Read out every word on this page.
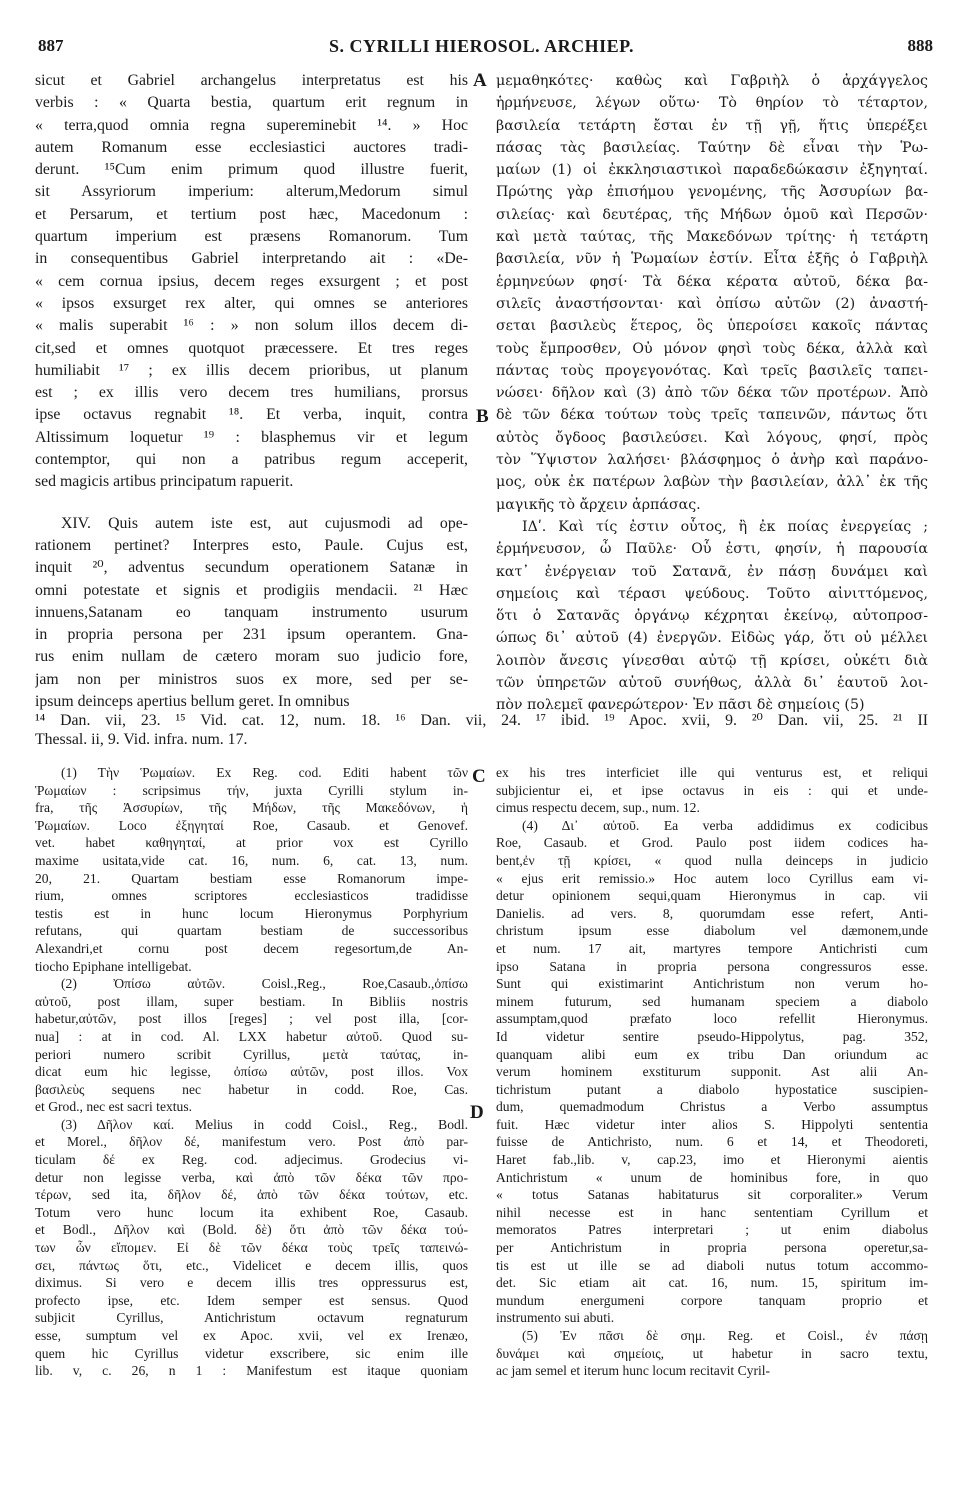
887	S. CYRILLI HIEROSOL. ARCHIEP.	888
sicut et Gabriel archangelus interpretatus est his
verbis : « Quarta bestia, quartum erit regnum in
« terra,quod omnia regna supereminebit ¹⁴. » Hoc
autem Romanum esse ecclesiastici auctores tradi-
derunt. ¹⁵Cum enim primum quod illustre fuerit,
sit Assyriorum imperium: alterum,Medorum simul
et Persarum, et tertium post hæc, Macedonum :
quartum imperium est præsens Romanorum. Tum
in consequentibus Gabriel interpretando ait : «De-
« cem cornua ipsius, decem reges exsurgent ; et post
« ipsos exsurget rex alter, qui omnes se anteriores
« malis superabit ¹⁶ : » non solum illos decem di-
cit,sed et omnes quotquot præcessere. Et tres reges
humiliabit ¹⁷ ; ex illis decem prioribus, ut planum
est ; ex illis vero decem tres humilians, prorsus
ipse octavus regnabit ¹⁸. Et verba, inquit, contra
Altissimum loquetur ¹⁹ : blasphemus vir et legum
contemptor, qui non a patribus regum acceperit,
sed magicis artibus principatum rapuerit.
XIV. Quis autem iste est, aut cujusmodi ad ope-
rationem pertinet? Interpres esto, Paule. Cujus est,
inquit ²⁰, adventus secundum operationem Satanæ in
omni potestate et signis et prodigiis mendacii. ²¹ Hæc
innuens,Satanam eo tanquam instrumento usurum
in propria persona per 231 ipsum operantem. Gna-
rus enim nullam de cætero moram suo judicio fore,
jam non per ministros suos ex more, sed per se-
ipsum deinceps apertius bellum geret. In omnibus
μεμαθηκότες· καθὼς καὶ Γαβριὴλ ὁ ἀρχάγγελος
ἡρμήνευσε, λέγων οὕτω· Τὸ θηρίον τὸ τέταρτον,
βασιλεία τετάρτη ἔσται ἐν τῇ γῇ, ἥτις ὑπερέξει
πάσας τὰς βασιλείας. Ταύτην δὲ εἶναι τὴν Ῥω-
μαίων (1) οἱ ἐκκλησιαστικοὶ παραδεδώκασιν ἐξηγηταί.
Πρώτης γὰρ ἐπισήμου γενομένης, τῆς Ἀσσυρίων βα-
σιλείας· καὶ δευτέρας, τῆς Μήδων ὁμοῦ καὶ Περσῶν·
καὶ μετὰ ταύτας, τῆς Μακεδόνων τρίτης· ἡ τετάρτη
βασιλεία, νῦν ἡ Ῥωμαίων ἐστίν. Εἶτα ἑξῆς ὁ Γαβριὴλ
ἑρμηνεύων φησί· Τὰ δέκα κέρατα αὐτοῦ, δέκα βα-
σιλεῖς ἀναστήσονται· καὶ ὀπίσω αὐτῶν (2) ἀναστή-
σεται βασιλεὺς ἕτερος, ὃς ὑπεροίσει κακοῖς πάντας
τοὺς ἔμπροσθεν, Οὐ μόνον φησὶ τοὺς δέκα, ἀλλὰ καὶ
πάντας τοὺς προγεγονότας. Καὶ τρεῖς βασιλεῖς ταπει-
νώσει· δῆλον καὶ (3) ἀπὸ τῶν δέκα τῶν προτέρων. Ἀπὸ
δὲ τῶν δέκα τούτων τοὺς τρεῖς ταπεινῶν, πάντως ὅτι
αὐτὸς ὄγδοος βασιλεύσει. Καὶ λόγους, φησί, πρὸς
τὸν Ὕψιστον λαλήσει· βλάσφημος ὁ ἀνὴρ καὶ παράνο-
μος, οὐκ ἐκ πατέρων λαβὼν τὴν βασιλείαν, ἀλλ᾽ ἐκ τῆς
μαγικῆς τὸ ἄρχειν ἁρπάσας.
ΙΔʹ. Καὶ τίς ἐστιν οὗτος, ἢ ἐκ ποίας ἐνεργείας ;
ἑρμήνευσον, ὦ Παῦλε· Οὗ ἐστι, φησίν, ἡ παρουσία
κατ᾽ ἐνέργειαν τοῦ Σατανᾶ, ἐν πάσῃ δυνάμει καὶ
σημείοις καὶ τέρασι ψεύδους. Τοῦτο αἰνιττόμενος,
ὅτι ὁ Σατανᾶς ὀργάνῳ κέχρηται ἐκείνῳ, αὐτοπροσ-
ώπως δι᾽ αὐτοῦ (4) ἐνεργῶν. Εἰδὼς γάρ, ὅτι οὐ μέλλει
λοιπὸν ἄνεσις γίνεσθαι αὐτῷ τῇ κρίσει, οὐκέτι διὰ
τῶν ὑπηρετῶν αὐτοῦ συνήθως, ἀλλὰ δι᾽ ἑαυτοῦ λοι-
πὸν πολεμεῖ φανερώτερον· Ἐν πᾶσι δὲ σημείοις (5)
A
B
C
D
¹⁴ Dan. vii, 23. ¹⁵ Vid. cat. 12, num. 18. ¹⁶ Dan. vii, 24. ¹⁷ ibid. ¹⁹ Apoc. xvii, 9. ²⁰ Dan. vii, 25. ²¹ II
Thessal. ii, 9. Vid. infra. num. 17.
(1) Τὴν Ῥωμαίων. Ex Reg. cod. Editi habent τῶν
Ῥωμαίων : scripsimus τήν, juxta Cyrilli stylum in-
fra, τῆς Ἀσσυρίων, τῆς Μήδων, τῆς Μακεδόνων, ἡ
Ῥωμαίων. Loco ἐξηγηταί Roe, Casaub. et Genovef.
vet. habet καθηγηταί, at prior vox est Cyrillo
maxime usitata,vide cat. 16, num. 6, cat. 13, num.
20, 21. Quartam bestiam esse Romanorum impe-
rium, omnes scriptores ecclesiasticos tradidisse
testis est in hunc locum Hieronymus Porphyrium
refutans, qui quartam bestiam de successoribus
Alexandri,et cornu post decem regesortum,de An-
tiocho Epiphane intelligebat.
(2) Ὀπίσω αὐτῶν. Coisl.,Reg., Roe,Casaub.,ὀπίσω
αὐτοῦ, post illam, super bestiam. In Bibliis nostris
habetur,αὐτῶν, post illos [reges] ; vel post illa, [cor-
nua] : at in cod. Al. LXX habetur αὐτοῦ. Quod su-
periori numero scribit Cyrillus, μετὰ ταύτας, in-
dicat eum hic legisse, ὀπίσω αὐτῶν, post illos. Vox
βασιλεὺς sequens nec habetur in codd. Roe, Cas.
et Grod., nec est sacri textus.
(3) Δῆλον καί. Melius in codd Coisl., Reg., Bodl.
et Morel., δῆλον δέ, manifestum vero. Post ἀπὸ par-
ticulam δέ ex Reg. cod. adjecimus. Grodecius vi-
detur non legisse verba, καὶ ἀπὸ τῶν δέκα τῶν προ-
τέρων, sed ita, δῆλον δέ, ἀπὸ τῶν δέκα τούτων, etc.
Totum vero hunc locum ita exhibent Roe, Casaub.
et Bodl., Δῆλον καὶ (Bold. δὲ) ὅτι ἀπὸ τῶν δέκα τού-
των ὧν εἴπομεν. Εἰ δὲ τῶν δέκα τοὺς τρεῖς ταπεινώ-
σει, πάντως ὅτι, etc., Videlicet e decem illis, quos
diximus. Si vero e decem illis tres oppressurus est,
profecto ipse, etc. Idem semper est sensus. Quod
subjicit Cyrillus, Antichristum octavum regnaturum
esse, sumptum vel ex Apoc. xvii, vel ex Irenæo,
quem hic Cyrillus videtur exscribere, sic enim ille
lib. v, c. 26, n 1 : Manifestum est itaque quoniam
ex his tres interficiet ille qui venturus est, et reliqui
subjicientur ei, et ipse octavus in eis : qui et unde-
cimus respectu decem, sup., num. 12.
(4) Δι᾽ αὐτοῦ. Ea verba addidimus ex codicibus
Roe, Casaub. et Grod. Paulo post iidem codices ha-
bent,ἐν τῇ κρίσει, « quod nulla deinceps in judicio
« ejus erit remissio.» Hoc autem loco Cyrillus eam vi-
detur opinionem sequi,quam Hieronymus in cap. vii
Danielis. ad vers. 8, quorumdam esse refert, Anti-
christum ipsum esse diabolum vel dæmonem,unde
et num. 17 ait, martyres tempore Antichristi cum
ipso Satana in propria persona congressuros esse.
Sunt qui existimarint Antichristum non verum ho-
minem futurum, sed humanam speciem a diabolo
assumptam,quod præfato loco refellit Hieronymus.
Id videtur sentire pseudo-Hippolytus, pag. 352,
quanquam alibi eum ex tribu Dan oriundum ac
verum hominem exstiturum supponit. Ast alii An-
tichristum putant a diabolo hypostatice suscipien-
dum, quemadmodum Christus a Verbo assumptus
fuit. Hæc videtur inter alios S. Hippolyti sententia
fuisse de Antichristo, num. 6 et 14, et Theodoreti,
Haret fab.,lib. v, cap.23, imo et Hieronymi aientis
Antichristum « unum de hominibus fore, in quo
« totus Satanas habitaturus sit corporaliter.» Verum
nihil necesse est in hanc sententiam Cyrillum et
memoratos Patres interpretari ; ut enim diabolus
per Antichristum in propria persona operetur,sa-
tis est ut ille se ad diaboli nutus totum accommo-
det. Sic etiam ait cat. 16, num. 15, spiritum im-
mundum energumeni corpore tanquam proprio et
instrumento sui abuti.
(5) Ἐν πᾶσι δὲ σημ. Reg. et Coisl., ἐν πάσῃ
δυνάμει καὶ σημείοις, ut habetur in sacro textu,
ac jam semel et iterum hunc locum recitavit Cyril-
